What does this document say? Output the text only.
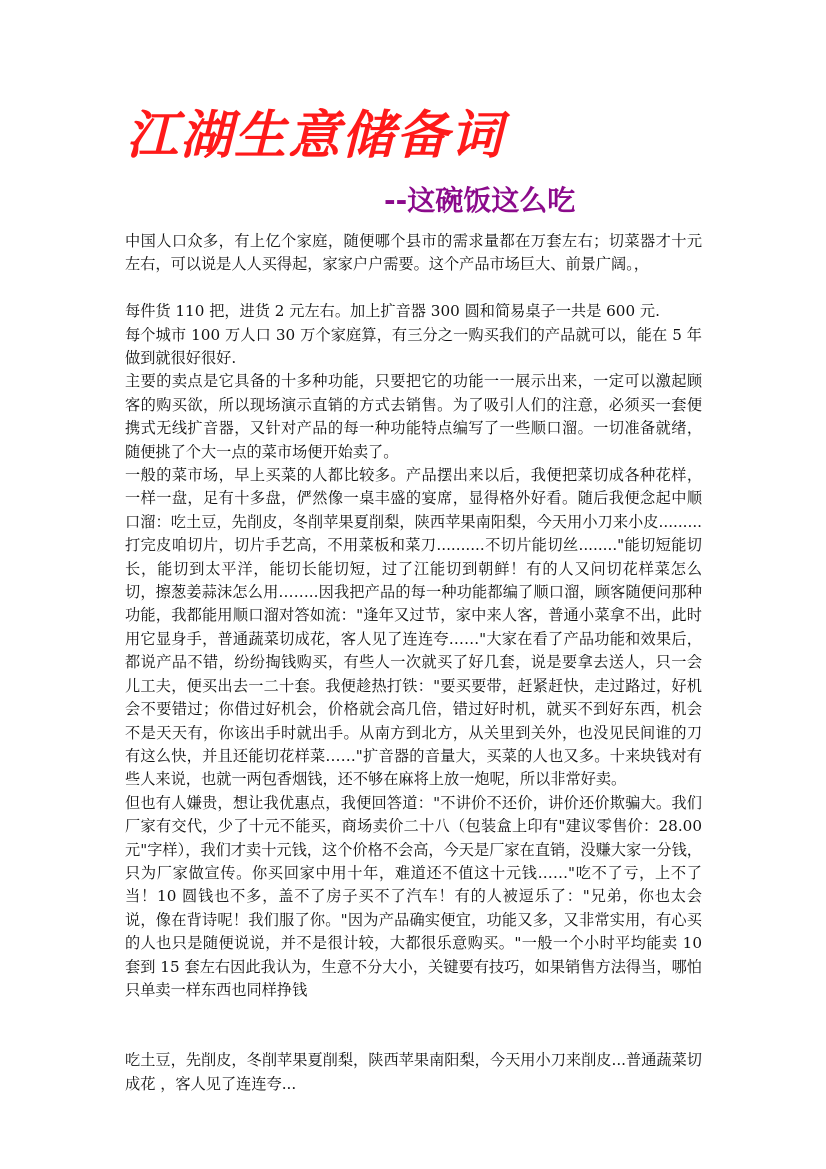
江湖生意储备词
--这碗饭这么吃

中国人口众多，有上亿个家庭，随便哪个县市的需求量都在万套左右；切菜器才十元左右，可以说是人人买得起，家家户户需要。这个产品市场巨大、前景广阔。，

每件货 110 把，进货 2 元左右。加上扩音器 300 圆和简易桌子一共是 600 元.

每个城市 100 万人口 30 万个家庭算，有三分之一购买我们的产品就可以，能在 5 年做到就很好很好.

主要的卖点是它具备的十多种功能，只要把它的功能一一展示出来，一定可以激起顾客的购买欲，所以现场演示直销的方式去销售。为了吸引人们的注意，必须买一套便携式无线扩音器，又针对产品的每一种功能特点编写了一些顺口溜。一切准备就绪，随便挑了个大一点的菜市场便开始卖了。

一般的菜市场，早上买菜的人都比较多。产品摆出来以后，我便把菜切成各种花样，一样一盘，足有十多盘，俨然像一桌丰盛的宴席，显得格外好看。随后我便念起中顺口溜：吃土豆，先削皮，冬削苹果夏削梨，陕西苹果南阳梨，今天用小刀来小皮.........打完皮咱切片，切片手艺高，不用菜板和菜刀..........不切片能切丝........"能切短能切长，能切到太平洋，能切长能切短，过了江能切到朝鲜！有的人又问切花样菜怎么切，擦葱姜蒜沫怎么用……..因我把产品的每一种功能都编了顺口溜，顾客随便问那种功能，我都能用顺口溜对答如流："逢年又过节，家中来人客，普通小菜拿不出，此时用它显身手，普通蔬菜切成花，客人见了连连夸……"大家在看了产品功能和效果后，都说产品不错，纷纷掏钱购买，有些人一次就买了好几套，说是要拿去送人，只一会儿工夫，便买出去一二十套。我便趁热打铁："要买要带，赶紧赶快，走过路过，好机会不要错过；你借过好机会，价格就会高几倍，错过好时机，就买不到好东西，机会不是天天有，你该出手时就出手。从南方到北方，从关里到关外，也没见民间谁的刀有这么快，并且还能切花样菜……"扩音器的音量大，买菜的人也又多。十来块钱对有些人来说，也就一两包香烟钱，还不够在麻将上放一炮呢，所以非常好卖。

但也有人嫌贵，想让我优惠点，我便回答道："不讲价不还价，讲价还价欺骗大。我们厂家有交代，少了十元不能买，商场卖价二十八（包装盒上印有"建议零售价：28.00 元"字样），我们才卖十元钱，这个价格不会高，今天是厂家在直销，没赚大家一分钱，只为厂家做宣传。你买回家中用十年，难道还不值这十元钱……"吃不了亏，上不了当！10 圆钱也不多，盖不了房子买不了汽车！有的人被逗乐了："兄弟，你也太会说，像在背诗呢！我们服了你。"因为产品确实便宜，功能又多，又非常实用，有心买的人也只是随便说说，并不是很计较，大都很乐意购买。"一般一个小时平均能卖 10 套到 15 套左右因此我认为，生意不分大小，关键要有技巧，如果销售方法得当，哪怕只单卖一样东西也同样挣钱

吃土豆，先削皮，冬削苹果夏削梨，陕西苹果南阳梨，今天用小刀来削皮...普通蔬菜切成花 ，客人见了连连夸...
